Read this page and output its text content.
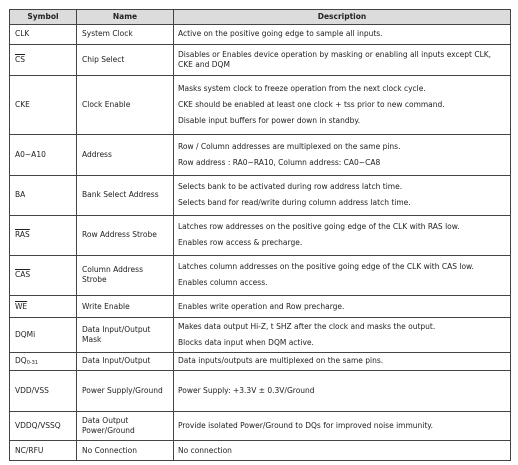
Symbol	Name	Description
CLK	System Clock	Active on the positive going edge to sample all inputs.

$\overline{CS}$	Chip Select	Disables or Enables device operation by masking or enabling all inputs except CLK, CKE and DQM

CKE	Clock Enable	Masks system clock to freeze operation from the next clock cycle.
CKE should be enabled at least one clock + tss prior to new command.
Disable input buffers for power down in standby.

A0~A10	Address	Row / Column addresses are multiplexed on the same pins.
Row address : RA0~RA10, Column address: CA0~CA8

BA	Bank Select Address	Selects bank to be activated during row address latch time.
Selects band for read/write during column address latch time.

$\overline{RAS}$	Row Address Strobe	Latches row addresses on the positive going edge of the CLK with RAS low.
Enables row access & precharge.

$\overline{CAS}$	Column Address Strobe	Latches column addresses on the positive going edge of the CLK with CAS low.
Enables column access.

$\overline{WE}$	Write Enable	Enables write operation and Row precharge.

DQMi	Data Input/Output Mask	Makes data output Hi-Z, t SHZ after the clock and masks the output.
Blocks data input when DQM active.

DQ0-31	Data Input/Output	Data inputs/outputs are multiplexed on the same pins.

VDD/VSS	Power Supply/Ground	Power Supply: +3.3V ± 0.3V/Ground

VDDQ/VSSQ	Data Output Power/Ground	Provide isolated Power/Ground to DQs for improved noise immunity.

NC/RFU	No Connection	No connection
